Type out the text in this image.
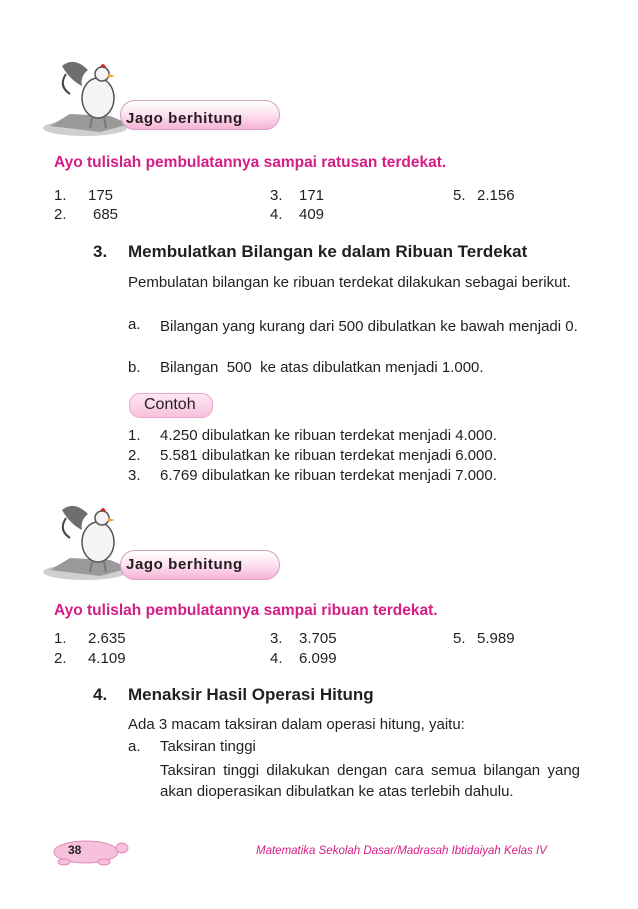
Jago berhitung
Ayo tulislah pembulatannya sampai ratusan terdekat.
1. 175
2. 685
3. 171
4. 409
5. 2.156
3. Membulatkan Bilangan ke dalam Ribuan Terdekat
Pembulatan bilangan ke ribuan terdekat dilakukan sebagai berikut.
a. Bilangan yang kurang dari 500 dibulatkan ke bawah menjadi 0.
b. Bilangan  500  ke atas dibulatkan menjadi 1.000.
Contoh
1. 4.250 dibulatkan ke ribuan terdekat menjadi 4.000.
2. 5.581 dibulatkan ke ribuan terdekat menjadi 6.000.
3. 6.769 dibulatkan ke ribuan terdekat menjadi 7.000.
Jago berhitung
Ayo tulislah pembulatannya sampai ribuan terdekat.
1. 2.635
2. 4.109
3. 3.705
4. 6.099
5. 5.989
4. Menaksir Hasil Operasi Hitung
Ada 3 macam taksiran dalam operasi hitung, yaitu:
a. Taksiran tinggi
Taksiran tinggi dilakukan dengan cara semua bilangan yang akan dioperasikan dibulatkan ke atas terlebih dahulu.
38	Matematika Sekolah Dasar/Madrasah Ibtidaiyah Kelas IV
